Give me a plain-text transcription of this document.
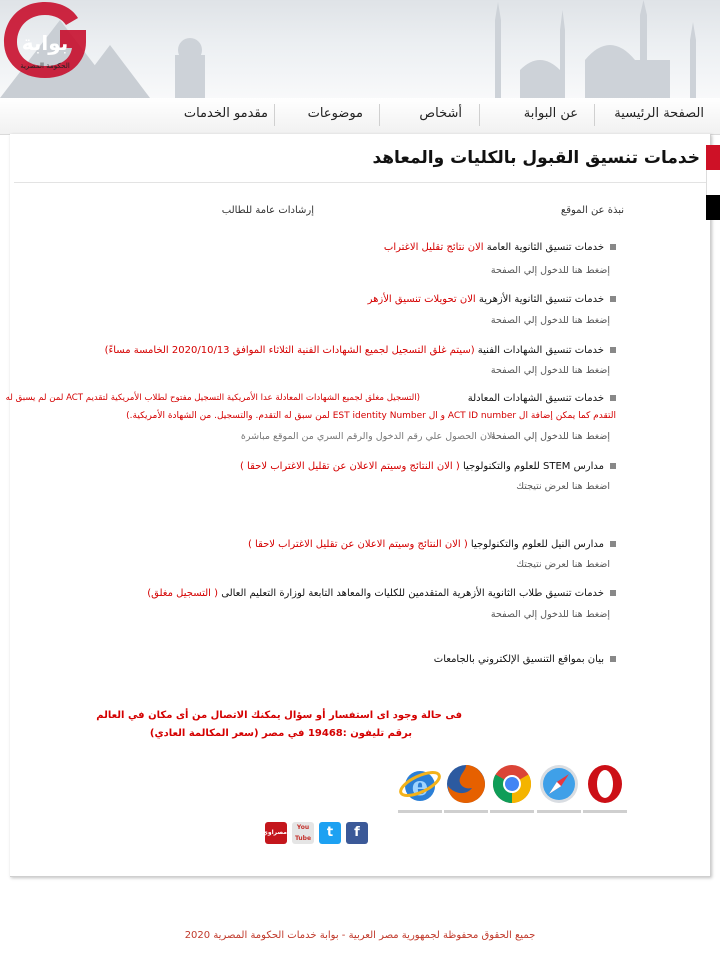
بوابة
الحكومة المصرية
الصفحة الرئيسية
عن البوابة
أشخاص
موضوعات
مقدمو الخدمات
خدمات تنسيق القبول بالكليات والمعاهد
نبذة عن الموقع
إرشادات عامة للطالب
خدمات تنسيق الثانوية العامة الان نتائج تقليل الاغتراب
إضغط هنا للدخول إلي الصفحة
خدمات تنسيق الثانوية الأزهرية الان تحويلات تنسيق الأزهر
إضغط هنا للدخول إلي الصفحة
خدمات تنسيق الشهادات الفنية (سيتم غلق التسجيل لجميع الشهادات الفنية الثلاثاء الموافق 2020/10/13 الخامسة مساءً)
إضغط هنا للدخول إلي الصفحة
خدمات تنسيق الشهادات المعادلة
(التسجيل مغلق لجميع الشهادات المعادلة عدا الأمريكية التسجيل مفتوح لطلاب الأمريكية لتقديم ACT لمن لم يسبق له
التقدم كما يمكن إضافة ال ACT ID number و ال EST identity Number لمن سبق له التقدم. والتسجيل. من الشهادة الأمريكية.)
إضغط هنا للدخول إلي الصفحة
الان الحصول علي رقم الدخول والرقم السري من الموقع مباشرة
مدارس STEM للعلوم والتكنولوجيا ( الان النتائج وسيتم الاعلان عن تقليل الاغتراب لاحقا )
اضغط هنا لعرض نتيجتك
مدارس النيل للعلوم والتكنولوجيا ( الان النتائج وسيتم الاعلان عن تقليل الاغتراب لاحقا )
اضغط هنا لعرض نتيجتك
خدمات تنسيق طلاب الثانوية الأزهرية المتقدمين للكليات والمعاهد التابعة لوزارة التعليم العالى ( التسجيل مغلق)
إضغط هنا للدخول إلي الصفحة
بيان بمواقع التنسيق الإلكتروني بالجامعات
فى حالة وجود اى استفسار أو سؤال يمكنك الاتصال من أى مكان في العالم
برقم تليفون :19468 في مصر (سعر المكالمة العادي)
e
f
t
You Tube
مصراوي
جميع الحقوق محفوظة لجمهورية مصر العربية - بوابة خدمات الحكومة المصرية 2020
